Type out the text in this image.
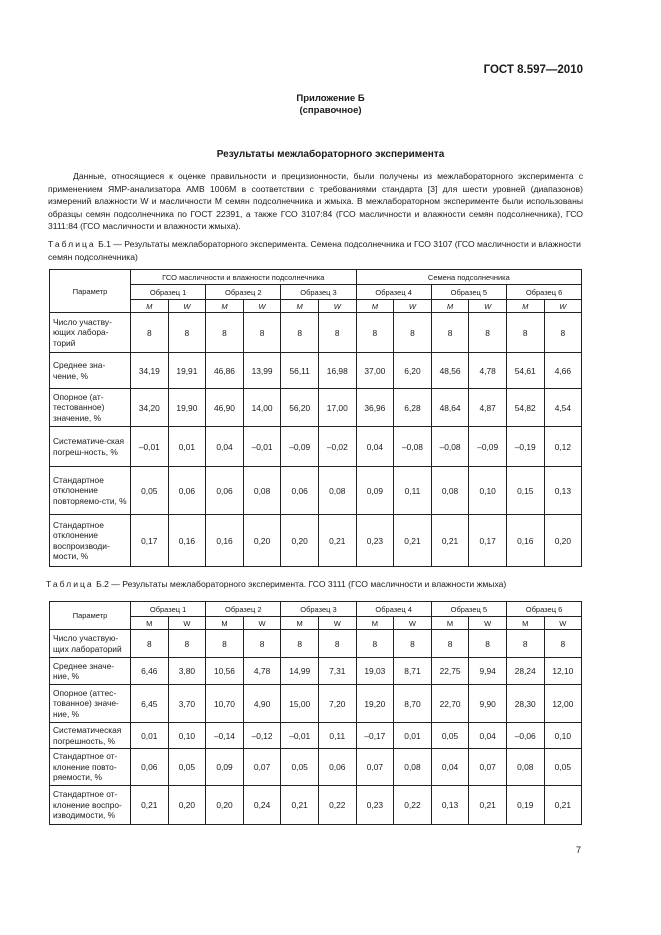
ГОСТ 8.597—2010
Приложение Б
(справочное)
Результаты межлабораторного эксперимента

Данные, относящиеся к оценке правильности и прецизионности, были получены из межлабораторного эксперимента с применением ЯМР-анализатора АМВ 1006М в соответствии с требованиями стандарта [3] для шести уровней (диапазонов) измерений влажности W и масличности M семян подсолнечника и жмыха. В межлабораторном эксперименте были использованы образцы семян подсолнечника по ГОСТ 22391, а также ГСО 3107:84 (ГСО масличности и влажности семян подсолнечника), ГСО 3111:84 (ГСО масличности и влажности жмыха).

Таблица Б.1 — Результаты межлабораторного эксперимента. Семена подсолнечника и ГСО 3107 (ГСО масличности и влажности семян подсолнечника)

Параметр	ГСО масличности и влажности подсолнечника						Семена подсолнечника					
	Образец 1		Образец 2		Образец 3		Образец 4		Образец 5		Образец 6	
	M	W	M	W	M	W	M	W	M	W	M	W
Число участву-ющих лабора-торий	8	8	8	8	8	8	8	8	8	8	8	8
Среднее зна-чение, %	34,19	19,91	46,86	13,99	56,11	16,98	37,00	6,20	48,56	4,78	54,61	4,66
Опорное (ат-тестованное) значение, %	34,20	19,90	46,90	14,00	56,20	17,00	36,96	6,28	48,64	4,87	54,82	4,54
Систематиче-ская погреш-ность, %	–0,01	0,01	0,04	–0,01	–0,09	–0,02	0,04	–0,08	–0,08	–0,09	–0,19	0,12
Стандартное отклонение повторяемо-сти, %	0,05	0,06	0,06	0,08	0,06	0,08	0,09	0,11	0,08	0,10	0,15	0,13
Стандартное отклонение воспроизводи-мости, %	0,17	0,16	0,16	0,20	0,20	0,21	0,23	0,21	0,21	0,17	0,16	0,20

Таблица Б.2 — Результаты межлабораторного эксперимента. ГСО 3111 (ГСО масличности и влажности жмыха)

Параметр	Образец 1		Образец 2		Образец 3		Образец 4		Образец 5		Образец 6	
	M	W	M	W	M	W	M	W	M	W	M	W
Число участвую-щих лабораторий	8	8	8	8	8	8	8	8	8	8	8	8
Среднее значе-ние, %	6,46	3,80	10,56	4,78	14,99	7,31	19,03	8,71	22,75	9,94	28,24	12,10
Опорное (аттес-тованное) значе-ние, %	6,45	3,70	10,70	4,90	15,00	7,20	19,20	8,70	22,70	9,90	28,30	12,00
Систематическая погрешность, %	0,01	0,10	–0,14	–0,12	–0,01	0,11	–0,17	0,01	0,05	0,04	–0,06	0,10
Стандартное от-клонение повто-ряемости, %	0,06	0,05	0,09	0,07	0,05	0,06	0,07	0,08	0,04	0,07	0,08	0,05
Стандартное от-клонение воспро-изводимости, %	0,21	0,20	0,20	0,24	0,21	0,22	0,23	0,22	0,13	0,21	0,19	0,21
7
